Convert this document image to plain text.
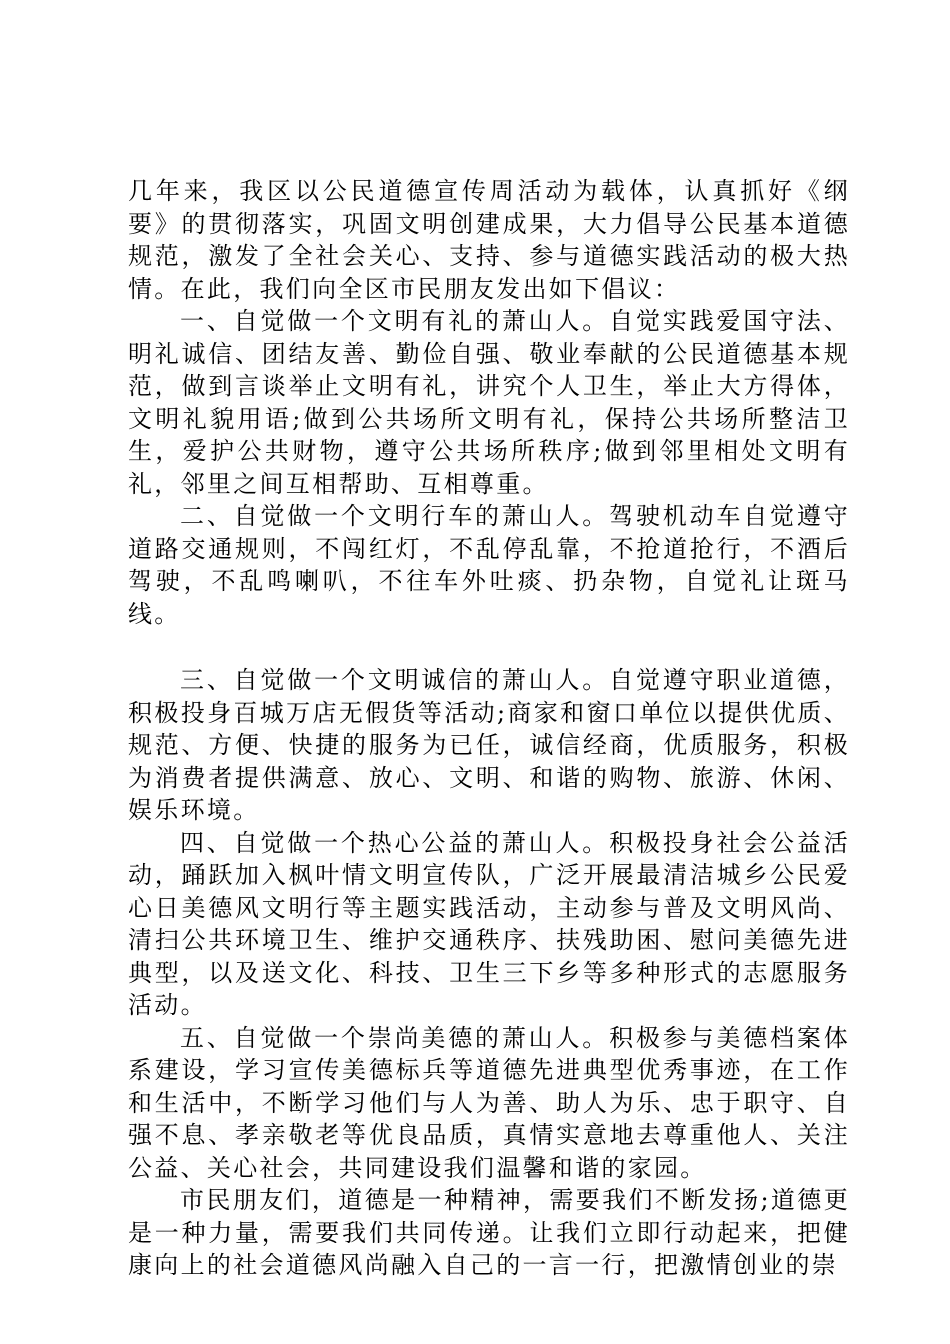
几年来，我区以公民道德宣传周活动为载体，认真抓好《纲要》的贯彻落实，巩固文明创建成果，大力倡导公民基本道德规范，激发了全社会关心、支持、参与道德实践活动的极大热情。在此，我们向全区市民朋友发出如下倡议：

一、自觉做一个文明有礼的萧山人。自觉实践爱国守法、明礼诚信、团结友善、勤俭自强、敬业奉献的公民道德基本规范，做到言谈举止文明有礼，讲究个人卫生，举止大方得体，文明礼貌用语;做到公共场所文明有礼，保持公共场所整洁卫生，爱护公共财物，遵守公共场所秩序;做到邻里相处文明有礼，邻里之间互相帮助、互相尊重。

二、自觉做一个文明行车的萧山人。驾驶机动车自觉遵守道路交通规则，不闯红灯，不乱停乱靠，不抢道抢行，不酒后驾驶，不乱鸣喇叭，不往车外吐痰、扔杂物，自觉礼让斑马线。

三、自觉做一个文明诚信的萧山人。自觉遵守职业道德，积极投身百城万店无假货等活动;商家和窗口单位以提供优质、规范、方便、快捷的服务为已任，诚信经商，优质服务，积极为消费者提供满意、放心、文明、和谐的购物、旅游、休闲、娱乐环境。

四、自觉做一个热心公益的萧山人。积极投身社会公益活动，踊跃加入枫叶情文明宣传队，广泛开展最清洁城乡公民爱心日美德风文明行等主题实践活动，主动参与普及文明风尚、清扫公共环境卫生、维护交通秩序、扶残助困、慰问美德先进典型，以及送文化、科技、卫生三下乡等多种形式的志愿服务活动。

五、自觉做一个崇尚美德的萧山人。积极参与美德档案体系建设，学习宣传美德标兵等道德先进典型优秀事迹，在工作和生活中，不断学习他们与人为善、助人为乐、忠于职守、自强不息、孝亲敬老等优良品质，真情实意地去尊重他人、关注公益、关心社会，共同建设我们温馨和谐的家园。

市民朋友们，道德是一种精神，需要我们不断发扬;道德更是一种力量，需要我们共同传递。让我们立即行动起来，把健康向上的社会道德风尚融入自己的一言一行，把激情创业的崇
